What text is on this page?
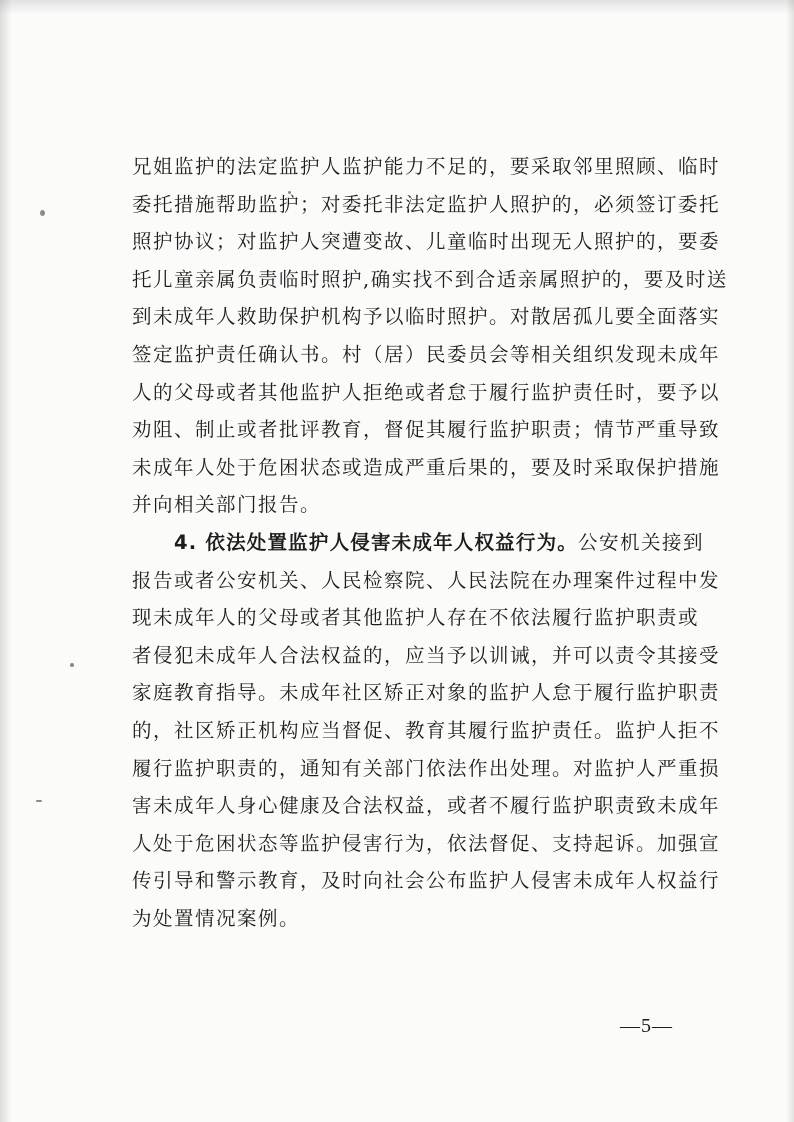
兄姐监护的法定监护人监护能力不足的，要采取邻里照顾、临时
委托措施帮助监护；对委托非法定监护人照护的，必须签订委托
照护协议；对监护人突遭变故、儿童临时出现无人照护的，要委
托儿童亲属负责临时照护,确实找不到合适亲属照护的，要及时送
到未成年人救助保护机构予以临时照护。对散居孤儿要全面落实
签定监护责任确认书。村（居）民委员会等相关组织发现未成年
人的父母或者其他监护人拒绝或者怠于履行监护责任时，要予以
劝阻、制止或者批评教育，督促其履行监护职责；情节严重导致
未成年人处于危困状态或造成严重后果的，要及时采取保护措施
并向相关部门报告。
4. 依法处置监护人侵害未成年人权益行为。公安机关接到
报告或者公安机关、人民检察院、人民法院在办理案件过程中发
现未成年人的父母或者其他监护人存在不依法履行监护职责或
者侵犯未成年人合法权益的，应当予以训诫，并可以责令其接受
家庭教育指导。未成年社区矫正对象的监护人怠于履行监护职责
的，社区矫正机构应当督促、教育其履行监护责任。监护人拒不
履行监护职责的，通知有关部门依法作出处理。对监护人严重损
害未成年人身心健康及合法权益，或者不履行监护职责致未成年
人处于危困状态等监护侵害行为，依法督促、支持起诉。加强宣
传引导和警示教育，及时向社会公布监护人侵害未成年人权益行
为处置情况案例。
—5—
